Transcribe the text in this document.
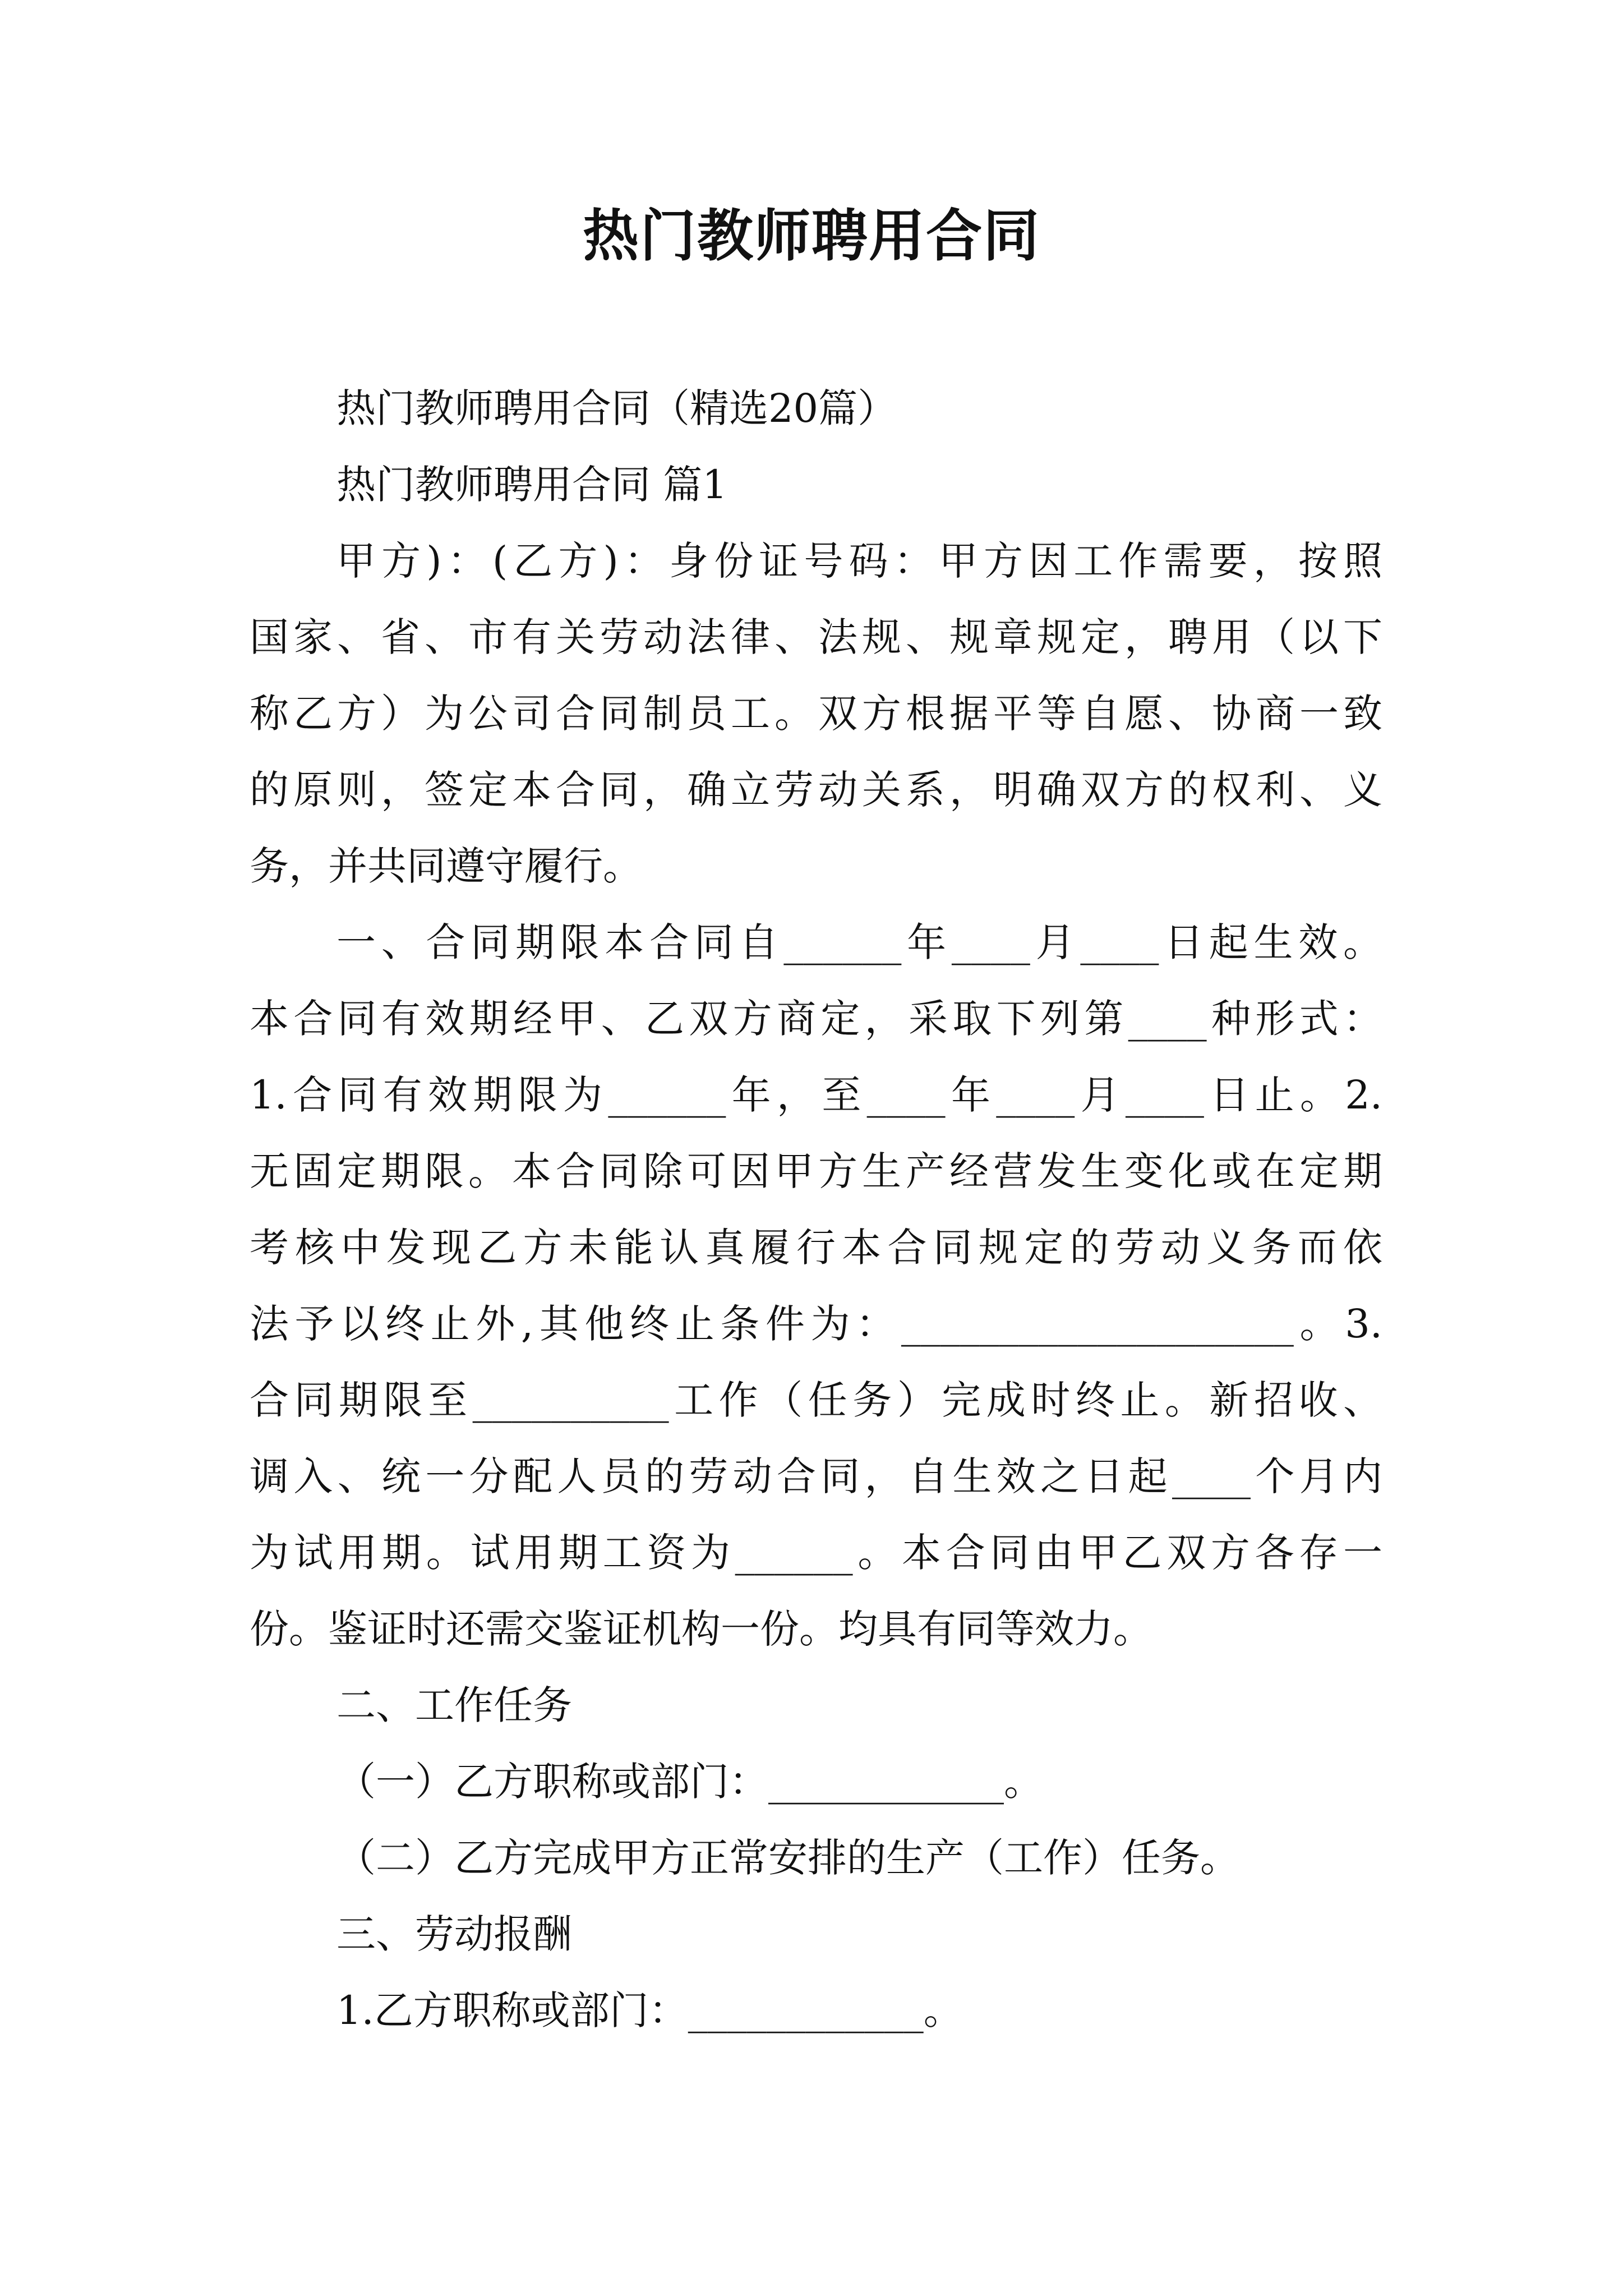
热门教师聘用合同
热门教师聘用合同（精选20篇）
热门教师聘用合同 篇1
甲方)：(乙方)：身份证号码：甲方因工作需要，按照
国家、省、市有关劳动法律、法规、规章规定，聘用（以下
称乙方）为公司合同制员工。双方根据平等自愿、协商一致
的原则，签定本合同，确立劳动关系，明确双方的权利、义
务，并共同遵守履行。
一、合同期限本合同自______年____月____日起生效。
本合同有效期经甲、乙双方商定，采取下列第____种形式：
1.合同有效期限为______年，至____年____月____日止。2.
无固定期限。本合同除可因甲方生产经营发生变化或在定期
考核中发现乙方未能认真履行本合同规定的劳动义务而依
法予以终止外,其他终止条件为：____________________。3.
合同期限至__________工作（任务）完成时终止。新招收、
调入、统一分配人员的劳动合同，自生效之日起____个月内
为试用期。试用期工资为______。本合同由甲乙双方各存一
份。鉴证时还需交鉴证机构一份。均具有同等效力。
二、工作任务
（一）乙方职称或部门：____________。
（二）乙方完成甲方正常安排的生产（工作）任务。
三、劳动报酬
1.乙方职称或部门：____________。
